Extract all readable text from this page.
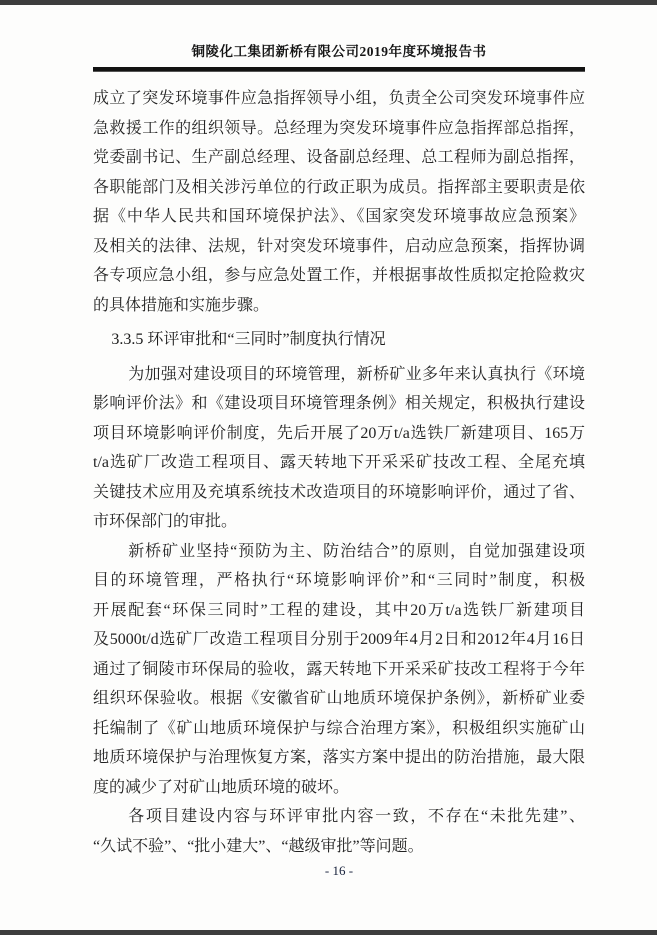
铜陵化工集团新桥有限公司2019年度环境报告书
成立了突发环境事件应急指挥领导小组，负责全公司突发环境事件应
急救援工作的组织领导。总经理为突发环境事件应急指挥部总指挥，
党委副书记、生产副总经理、设备副总经理、总工程师为副总指挥，
各职能部门及相关涉污单位的行政正职为成员。指挥部主要职责是依
据《中华人民共和国环境保护法》、《国家突发环境事故应急预案》
及相关的法律、法规，针对突发环境事件，启动应急预案，指挥协调
各专项应急小组，参与应急处置工作，并根据事故性质拟定抢险救灾
的具体措施和实施步骤。
3.3.5 环评审批和“三同时”制度执行情况
为加强对建设项目的环境管理，新桥矿业多年来认真执行《环境
影响评价法》和《建设项目环境管理条例》相关规定，积极执行建设
项目环境影响评价制度，先后开展了20万t/a选铁厂新建项目、165万
t/a选矿厂改造工程项目、露天转地下开采采矿技改工程、全尾充填
关键技术应用及充填系统技术改造项目的环境影响评价，通过了省、
市环保部门的审批。
新桥矿业坚持“预防为主、防治结合”的原则，自觉加强建设项
目的环境管理，严格执行“环境影响评价”和“三同时”制度，积极
开展配套“环保三同时”工程的建设，其中20万t/a选铁厂新建项目
及5000t/d选矿厂改造工程项目分别于2009年4月2日和2012年4月16日
通过了铜陵市环保局的验收，露天转地下开采采矿技改工程将于今年
组织环保验收。根据《安徽省矿山地质环境保护条例》，新桥矿业委
托编制了《矿山地质环境保护与综合治理方案》，积极组织实施矿山
地质环境保护与治理恢复方案，落实方案中提出的防治措施，最大限
度的减少了对矿山地质环境的破坏。
各项目建设内容与环评审批内容一致，不存在“未批先建”、
“久试不验”、“批小建大”、“越级审批”等问题。
- 16 -
